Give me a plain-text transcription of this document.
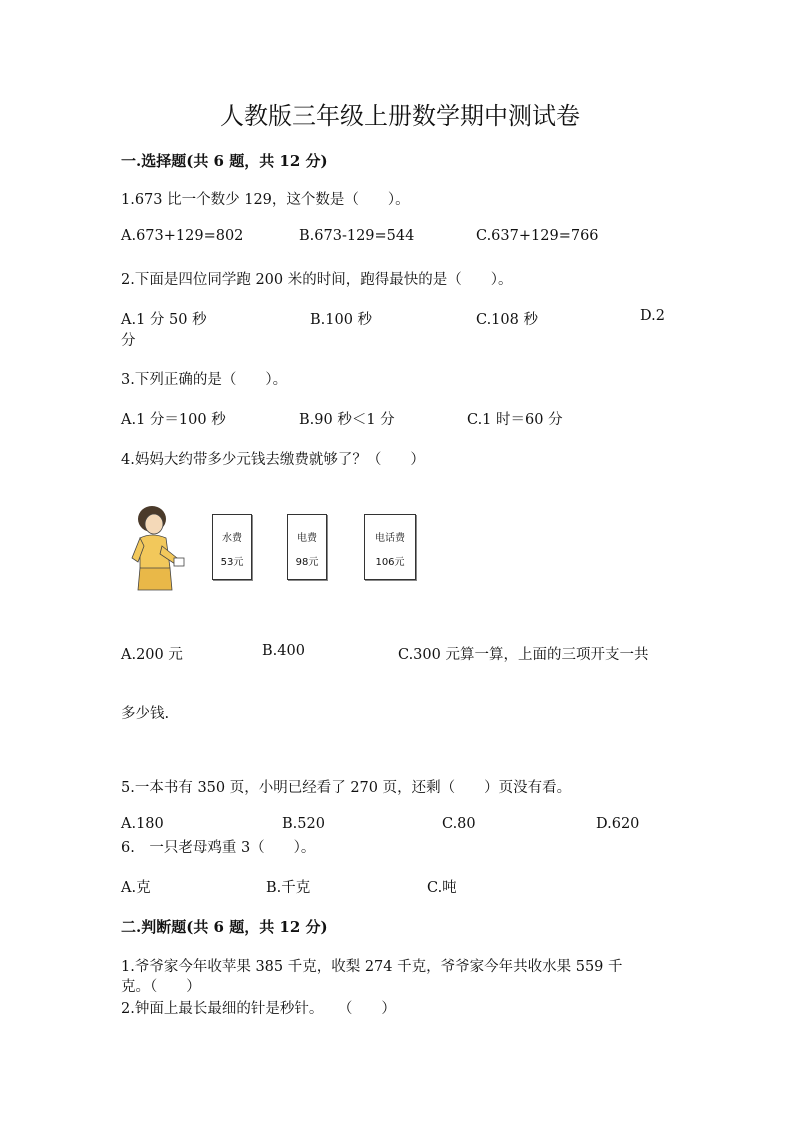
人教版三年级上册数学期中测试卷
一.选择题(共 6 题，共 12 分)
1.673 比一个数少 129，这个数是（　　）。
A.673+129=802	B.673-129=544	C.637+129=766
2.下面是四位同学跑 200 米的时间，跑得最快的是（　　）。
A.1 分 50 秒	B.100 秒	C.108 秒	D.2
分
3.下列正确的是（　　）。
A.1 分＝100 秒	B.90 秒＜1 分	C.1 时＝60 分
4.妈妈大约带多少元钱去缴费就够了？（　　）
水费
53元
电费
98元
电话费
106元
A.200 元	B.400	C.300 元算一算，上面的三项开支一共
多少钱.
5.一本书有 350 页，小明已经看了 270 页，还剩（　　）页没有看。
A.180	B.520	C.80	D.620
6.　一只老母鸡重 3（　　）。
A.克	B.千克	C.吨
二.判断题(共 6 题，共 12 分)
1.爷爷家今年收苹果 385 千克，收梨 274 千克，爷爷家今年共收水果 559 千
克。（　　）
2.钟面上最长最细的针是秒针。　　（　　）
